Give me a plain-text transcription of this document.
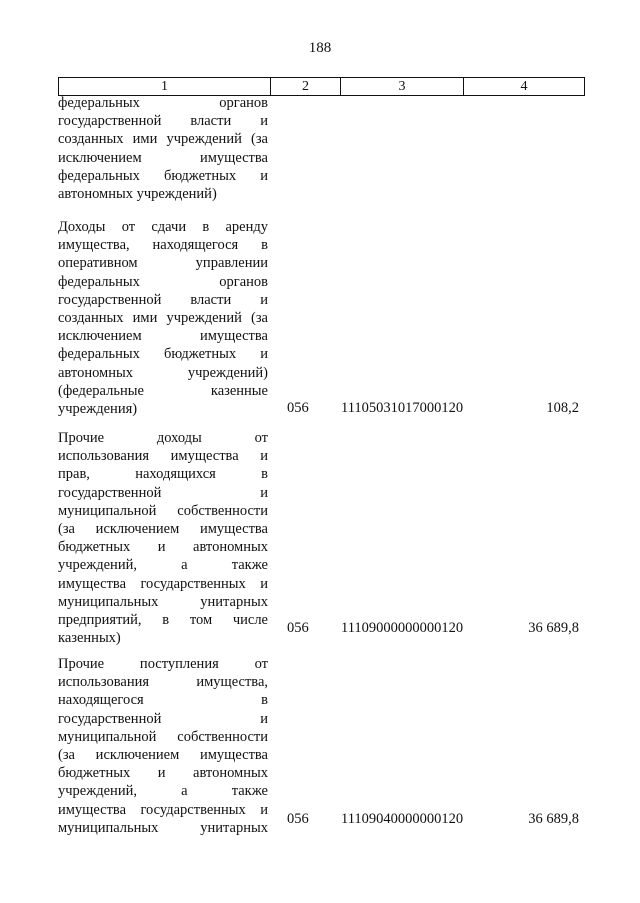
188
1	2	3	4
федеральных органов
государственной власти и
созданных ими учреждений (за
исключением имущества
федеральных бюджетных и
автономных учреждений)
Доходы от сдачи в аренду
имущества, находящегося в
оперативном управлении
федеральных органов
государственной власти и
созданных ими учреждений (за
исключением имущества
федеральных бюджетных и
автономных учреждений)
(федеральные казенные
учреждения)	056	11105031017000120	108,2
Прочие доходы от
использования имущества и
прав, находящихся в
государственной и
муниципальной собственности
(за исключением имущества
бюджетных и автономных
учреждений, а также
имущества государственных и
муниципальных унитарных
предприятий, в том числе
казенных)
056	11109000000000120	36 689,8
Прочие поступления от
использования имущества,
находящегося в
государственной и
муниципальной собственности
(за исключением имущества
бюджетных и автономных
учреждений, а также
имущества государственных и
муниципальных унитарных
056	11109040000000120	36 689,8
